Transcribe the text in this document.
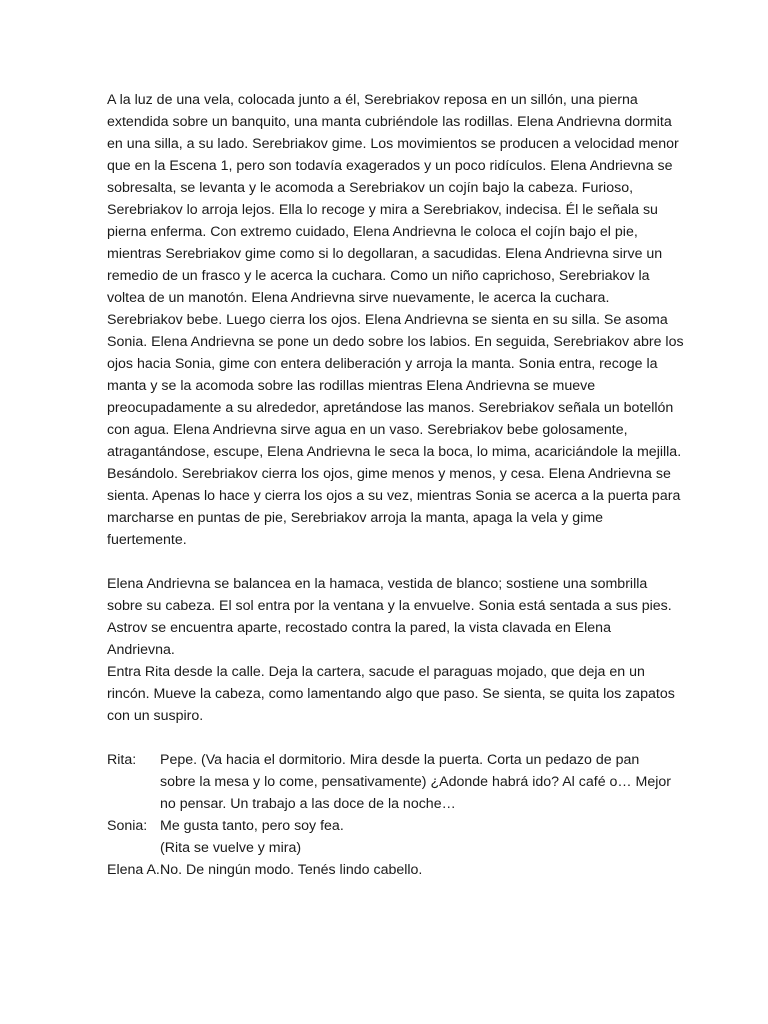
A la luz de una vela, colocada junto a él, Serebriakov reposa en un sillón, una pierna
extendida sobre un banquito, una manta cubriéndole las rodillas. Elena Andrievna dormita
en una silla, a su lado. Serebriakov gime. Los movimientos se producen a velocidad menor
que en la Escena 1, pero son todavía exagerados y un poco ridículos. Elena Andrievna se
sobresalta, se levanta y le acomoda a Serebriakov un cojín bajo la cabeza. Furioso,
Serebriakov lo arroja lejos. Ella lo recoge y mira a Serebriakov, indecisa. Él le señala su
pierna enferma. Con extremo cuidado, Elena Andrievna le coloca el cojín bajo el pie,
mientras Serebriakov gime como si lo degollaran, a sacudidas. Elena Andrievna sirve un
remedio de un frasco y le acerca la cuchara. Como un niño caprichoso, Serebriakov la
voltea de un manotón. Elena Andrievna sirve nuevamente, le acerca la cuchara.
Serebriakov bebe. Luego cierra los ojos. Elena Andrievna se sienta en su silla. Se asoma
Sonia. Elena Andrievna se pone un dedo sobre los labios. En seguida, Serebriakov abre los
ojos hacia Sonia, gime con entera deliberación y arroja la manta. Sonia entra, recoge la
manta y se la acomoda sobre las rodillas mientras Elena Andrievna se mueve
preocupadamente a su alrededor, apretándose las manos. Serebriakov señala un botellón
con agua. Elena Andrievna sirve agua en un vaso. Serebriakov bebe golosamente,
atragantándose, escupe, Elena Andrievna le seca la boca, lo mima, acariciándole la mejilla.
Besándolo. Serebriakov cierra los ojos, gime menos y menos, y cesa. Elena Andrievna se
sienta. Apenas lo hace y cierra los ojos a su vez, mientras Sonia se acerca a la puerta para
marcharse en puntas de pie, Serebriakov arroja la manta, apaga la vela y gime
fuertemente.
Elena Andrievna se balancea en la hamaca, vestida de blanco; sostiene una sombrilla
sobre su cabeza. El sol entra por la ventana y la envuelve. Sonia está sentada a sus pies.
Astrov se encuentra aparte, recostado contra la pared, la vista clavada en Elena
Andrievna.
Entra Rita desde la calle. Deja la cartera, sacude el paraguas mojado, que deja en un
rincón. Mueve la cabeza, como lamentando algo que paso. Se sienta, se quita los zapatos
con un suspiro.
Rita:	Pepe. (Va hacia el dormitorio. Mira desde la puerta. Corta un pedazo de pan
sobre la mesa y lo come, pensativamente) ¿Adonde habrá ido? Al café o… Mejor
no pensar. Un trabajo a las doce de la noche…
Sonia: Me gusta tanto, pero soy fea.
(Rita se vuelve y mira)
Elena A.:
No. De ningún modo. Tenés lindo cabello.
